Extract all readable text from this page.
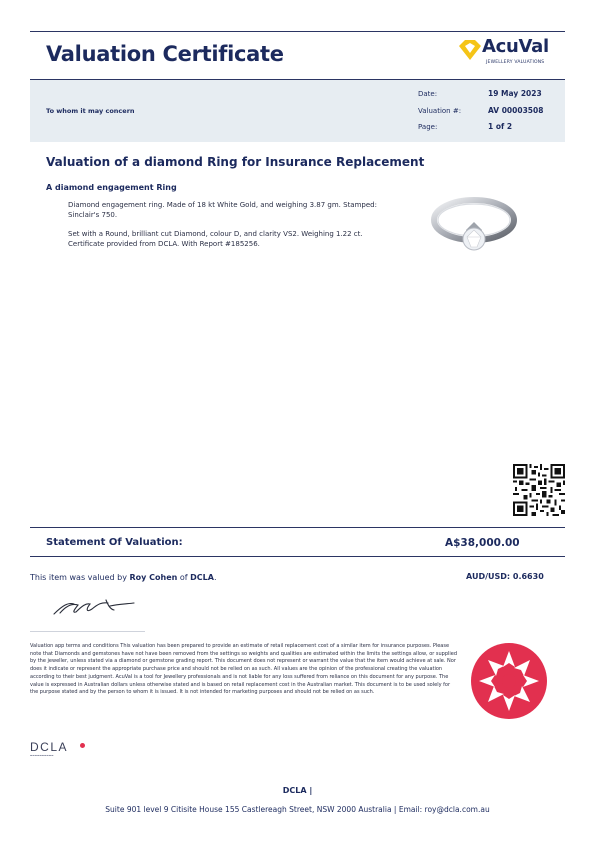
Valuation Certificate	AcuVal
JEWELLERY VALUATIONS
To whom it may concern
Date:	19 May 2023
Valuation #:	AV 00003508
Page:	1 of 2
Valuation of a diamond Ring for Insurance Replacement
A diamond engagement Ring
Diamond engagement ring. Made of 18 kt White Gold, and weighing 3.87 gm. Stamped: Sinclair's 750.
Set with a Round, brilliant cut Diamond, colour D, and clarity VS2. Weighing 1.22 ct. Certificate provided from DCLA. With Report #185256.
Statement Of Valuation:	A$38,000.00
This item was valued by Roy Cohen of DCLA.	AUD/USD: 0.6630
Valuation app terms and conditions This valuation has been prepared to provide an estimate of retail replacement cost of a similar item for insurance purposes. Please note that Diamonds and gemstones have not have been removed from the settings so weights and qualities are estimated within the limits the settings allow, or supplied by the jeweller, unless stated via a diamond or gemstone grading report. This document does not represent or warrant the value that the item would achieve at sale. Nor does it indicate or represent the appropriate purchase price and should not be relied on as such. All values are the opinion of the professional creating the valuation according to their best judgment. AcuVal is a tool for Jewellery professionals and is not liable for any loss suffered from reliance on this document for any purpose. The value is expressed in Australian dollars unless otherwise stated and is based on retail replacement cost in the Australian market. This document is to be used solely for the purpose stated and by the person to whom it is issued. It is not intended for marketing purposes and should not be relied on as such.
DCLA
▬▬▬▬▬▬▬▬▬▬
DCLA |
Suite 901 level 9 Citisite House 155 Castlereagh Street, NSW 2000 Australia | Email: roy@dcla.com.au
